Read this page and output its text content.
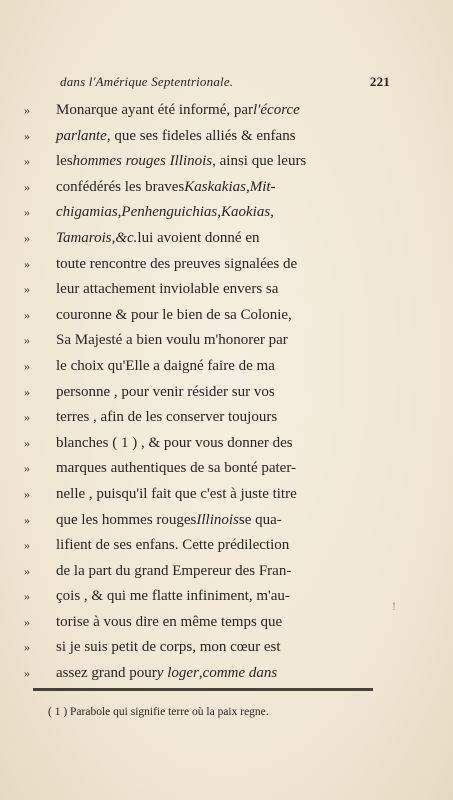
dans l'Amérique Septentrionale.	221
»	Monarque ayant été informé, par l'écorce
»	parlante , que ses fideles alliés & enfans
»	les hommes rouges Illinois , ainsi que leurs
»	confédérés les braves Kaskakias , Mit-
»	chigamias , Penhenguichias , Kaokias ,
»	Tamarois , &c. lui avoient donné en
»	toute rencontre des preuves signalées de
»	leur attachement inviolable envers sa
»	couronne & pour le bien de sa Colonie,
»	Sa Majesté a bien voulu m'honorer par
»	le choix qu'Elle a daigné faire de ma
»	personne , pour venir résider sur vos
»	terres , afin de les conserver toujours
»	blanches ( 1 ) , & pour vous donner des
»	marques authentiques de sa bonté pater-
»	nelle , puisqu'il fait que c'est à juste titre
»	que les hommes rouges Illinois se qua-
»	lifient de ses enfans. Cette prédilection
»	de la part du grand Empereur des Fran-
»	çois , & qui me flatte infiniment, m'au-
»	torise à vous dire en même temps que
»	si je suis petit de corps, mon cœur est
»	assez grand pour y loger , comme dans
!
( 1 ) Parabole qui signifie terre où la paix regne.
